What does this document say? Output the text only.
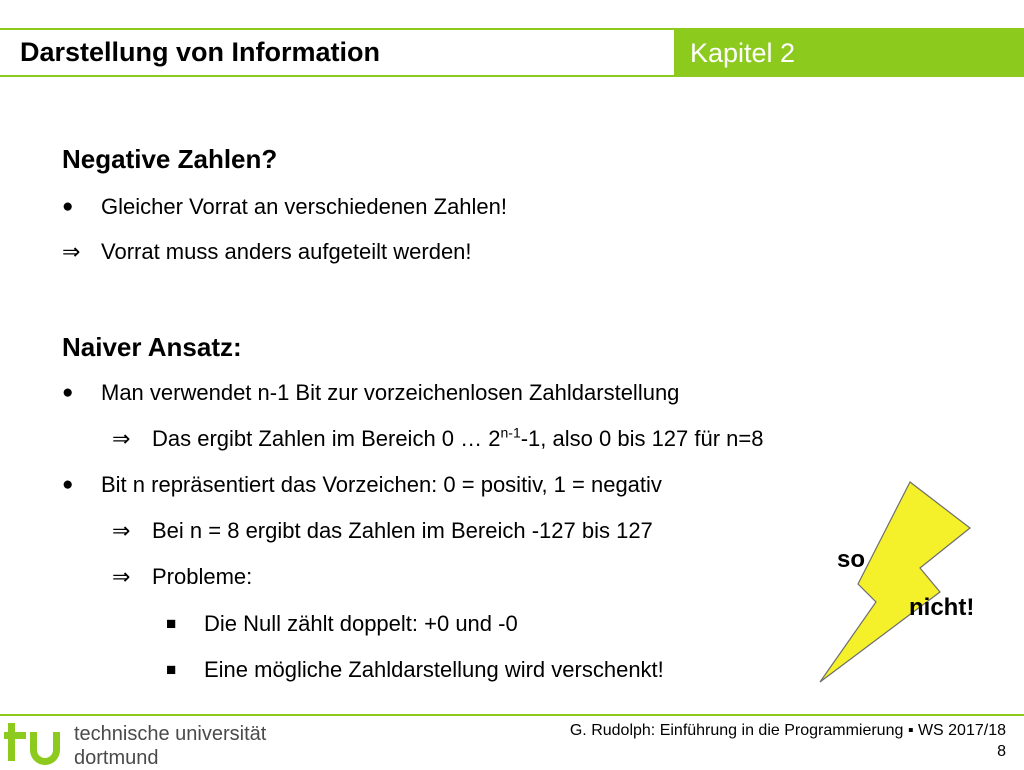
Darstellung von Information	Kapitel 2
Negative Zahlen?
● Gleicher Vorrat an verschiedenen Zahlen!
⇒ Vorrat muss anders aufgeteilt werden!
Naiver Ansatz:
● Man verwendet n-1 Bit zur vorzeichenlosen Zahldarstellung
⇒ Das ergibt Zahlen im Bereich 0 … 2$^{n-1}$-1, also 0 bis 127 für n=8
● Bit n repräsentiert das Vorzeichen: 0 = positiv, 1 = negativ
⇒ Bei n = 8 ergibt das Zahlen im Bereich -127 bis 127
⇒ Probleme:
■ Die Null zählt doppelt: +0 und -0
■ Eine mögliche Zahldarstellung wird verschenkt!
so
nicht!
technische universität
dortmund
G. Rudolph: Einführung in die Programmierung ▪ WS 2017/18
8
